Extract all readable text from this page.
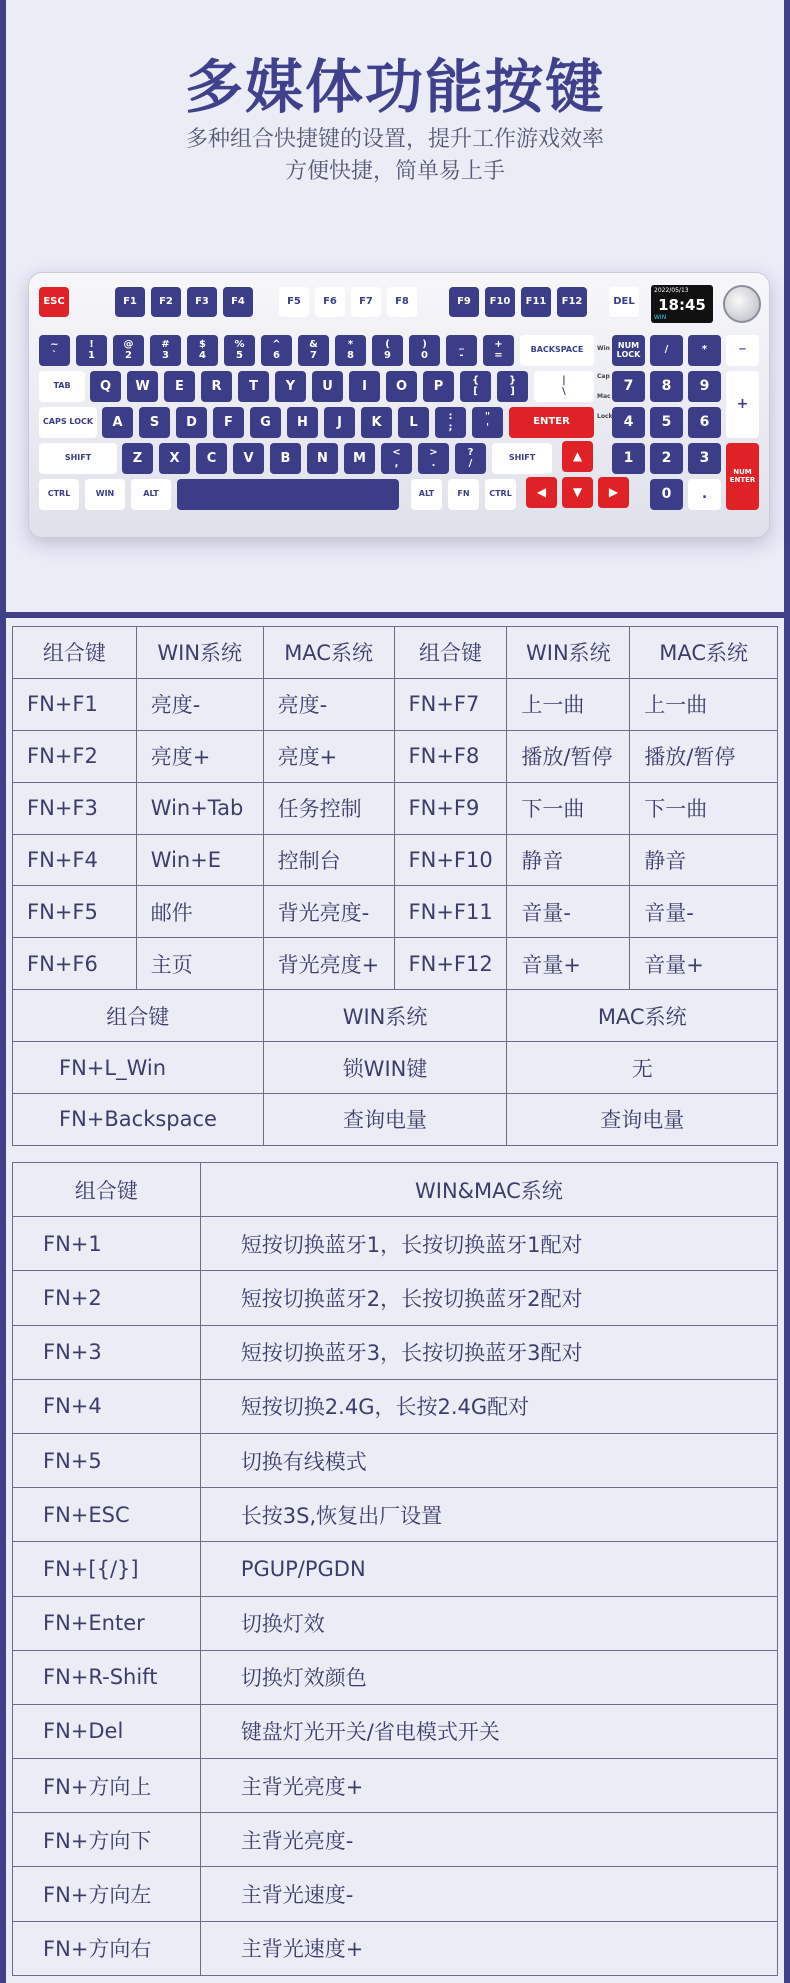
多媒体功能按键
多种组合快捷键的设置，提升工作游戏效率
方便快捷，简单易上手
ESC	F1	F2	F3	F4	F5	F6	F7	F8	F9	F10	F11	F12	DEL
2022/05/13
18:45
WIN
~
`
!
1
@
2
#
3
$
4
%
5
^
6
&
7
*
8
(
9
)
0
_
-
+
=	BACKSPACE	NUM
LOCK	/	*	−
TAB	Q	W	E	R	T	Y	U	I	O	P	{
[
}
]
|
\	7	8	9
+
CAPS LOCK	A	S	D	F	G	H	J	K	L	:
;
"
'	ENTER	4	5	6
SHIFT	Z	X	C	V	B	N	M	<
,
>
.
?
/	SHIFT	▲	1	2	3
NUM
ENTER
CTRL	WIN	ALT	ALT	FN	CTRL	◀	▼	▶	0	.
Win
Cap
Mac
Lock
组合键	WIN系统	MAC系统	组合键	WIN系统	MAC系统
FN+F1	亮度-	亮度-	FN+F7	上一曲	上一曲
FN+F2	亮度+	亮度+	FN+F8	播放/暂停	播放/暂停
FN+F3	Win+Tab	任务控制	FN+F9	下一曲	下一曲
FN+F4	Win+E	控制台	FN+F10	静音	静音
FN+F5	邮件	背光亮度-	FN+F11	音量-	音量-
FN+F6	主页	背光亮度+	FN+F12	音量+	音量+
组合键		WIN系统		MAC系统	
FN+L_Win		锁WIN键		无	
FN+Backspace		查询电量		查询电量	
组合键	WIN&MAC系统
FN+1	短按切换蓝牙1，长按切换蓝牙1配对
FN+2	短按切换蓝牙2，长按切换蓝牙2配对
FN+3	短按切换蓝牙3，长按切换蓝牙3配对
FN+4	短按切换2.4G，长按2.4G配对
FN+5	切换有线模式
FN+ESC	长按3S,恢复出厂设置
FN+[{/}]	PGUP/PGDN
FN+Enter	切换灯效
FN+R-Shift	切换灯效颜色
FN+Del	键盘灯光开关/省电模式开关
FN+方向上	主背光亮度+
FN+方向下	主背光亮度-
FN+方向左	主背光速度-
FN+方向右	主背光速度+
